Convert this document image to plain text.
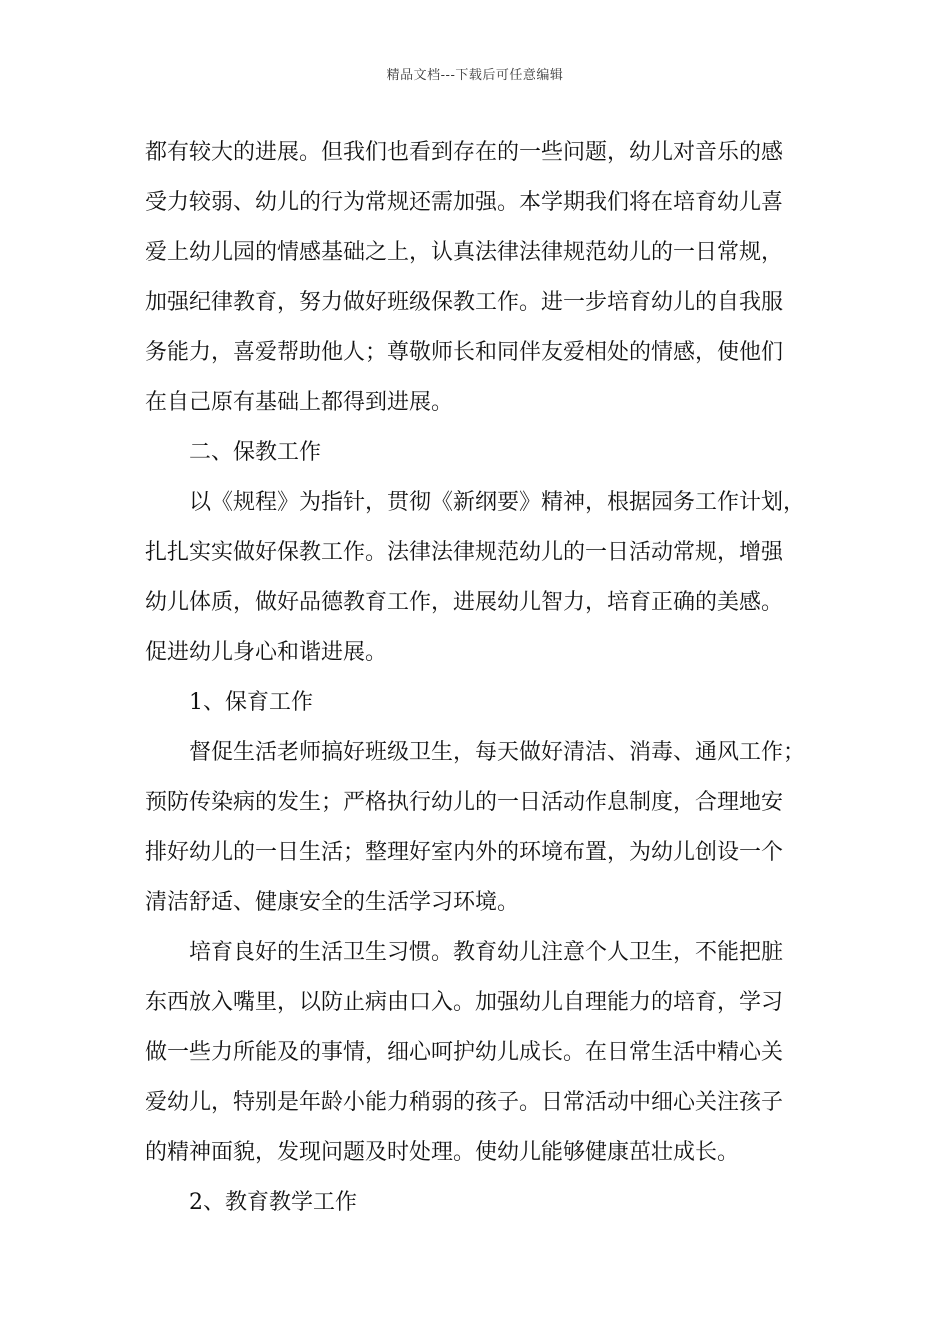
精品文档---下载后可任意编辑
都有较大的进展。但我们也看到存在的一些问题，幼儿对音乐的感
受力较弱、幼儿的行为常规还需加强。本学期我们将在培育幼儿喜
爱上幼儿园的情感基础之上，认真法律法律规范幼儿的一日常规，
加强纪律教育，努力做好班级保教工作。进一步培育幼儿的自我服
务能力，喜爱帮助他人；尊敬师长和同伴友爱相处的情感，使他们
在自己原有基础上都得到进展。
二、保教工作
以《规程》为指针，贯彻《新纲要》精神，根据园务工作计划，
扎扎实实做好保教工作。法律法律规范幼儿的一日活动常规，增强
幼儿体质，做好品德教育工作，进展幼儿智力，培育正确的美感。
促进幼儿身心和谐进展。
1、保育工作
督促生活老师搞好班级卫生，每天做好清洁、消毒、通风工作；
预防传染病的发生；严格执行幼儿的一日活动作息制度，合理地安
排好幼儿的一日生活；整理好室内外的环境布置，为幼儿创设一个
清洁舒适、健康安全的生活学习环境。
培育良好的生活卫生习惯。教育幼儿注意个人卫生，不能把脏
东西放入嘴里，以防止病由口入。加强幼儿自理能力的培育，学习
做一些力所能及的事情，细心呵护幼儿成长。在日常生活中精心关
爱幼儿，特别是年龄小能力稍弱的孩子。日常活动中细心关注孩子
的精神面貌，发现问题及时处理。使幼儿能够健康茁壮成长。
2、教育教学工作
